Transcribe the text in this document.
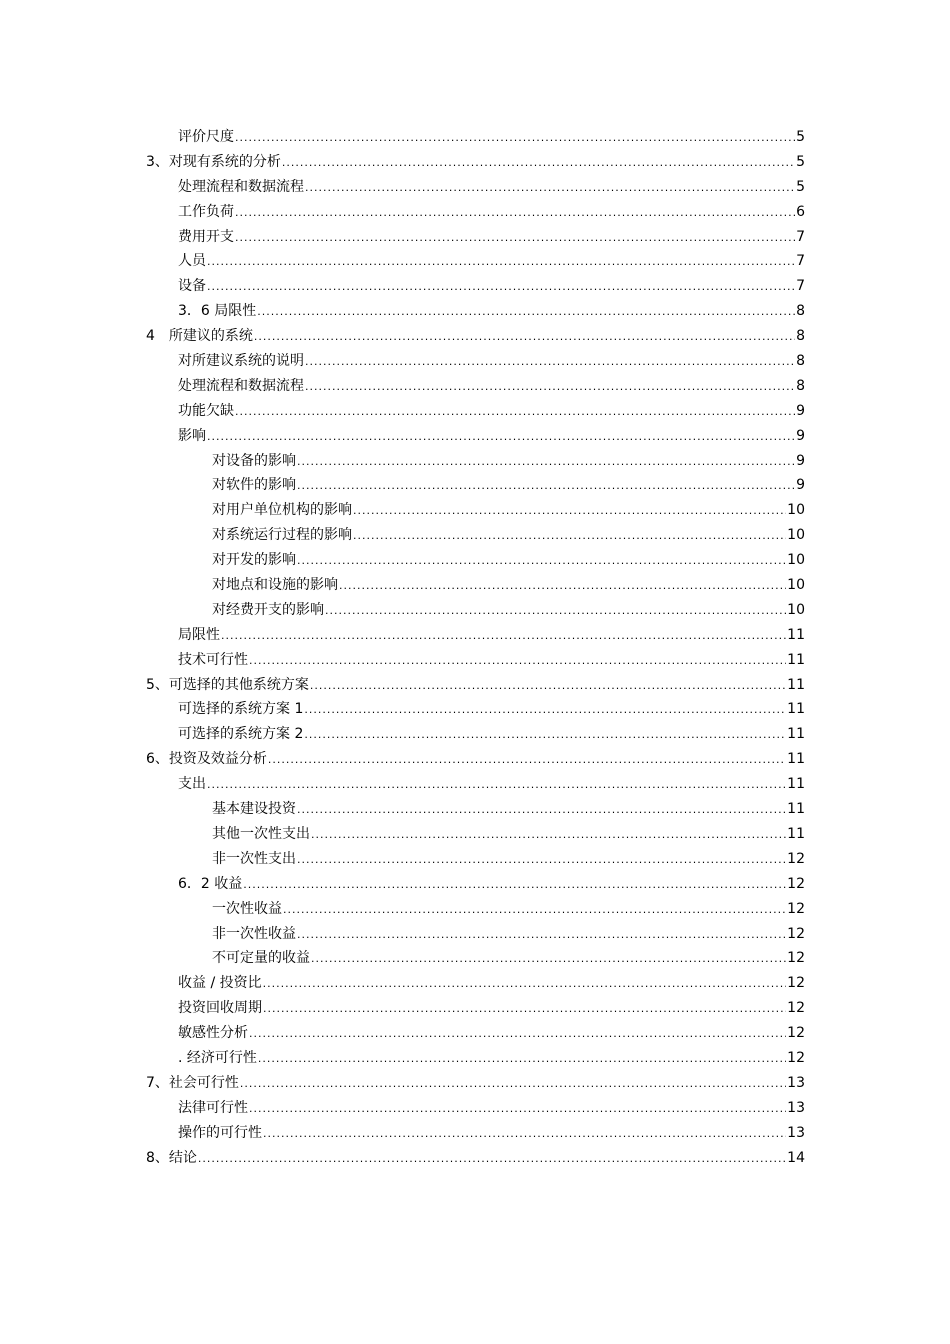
评价尺度 .....	5
3、对现有系统的分析 .....	5
处理流程和数据流程 .....	5
工作负荷 .....	6
费用开支 .....	7
人员 .....	7
设备 .....	7
3．6 局限性 .....	8
4　所建议的系统 .....	8
对所建议系统的说明 .....	8
处理流程和数据流程 .....	8
功能欠缺 .....	9
影响 .....	9
对设备的影响 .....	9
对软件的影响 .....	9
对用户单位机构的影响 .....	10
对系统运行过程的影响 .....	10
对开发的影响 .....	10
对地点和设施的影响 .....	10
对经费开支的影响 .....	10
局限性 .....	11
技术可行性 .....	11
5、可选择的其他系统方案 .....	11
可选择的系统方案 1 .....	11
可选择的系统方案 2 .....	11
6、投资及效益分析 .....	11
支出 .....	11
基本建设投资 .....	11
其他一次性支出 .....	11
非一次性支出 .....	12
6．2 收益 .....	12
一次性收益 .....	12
非一次性收益 .....	12
不可定量的收益 .....	12
收益 / 投资比 .....	12
投资回收周期 .....	12
敏感性分析 .....	12
. 经济可行性 .....	12
7、社会可行性 .....	13
法律可行性 .....	13
操作的可行性 .....	13
8、结论 .....	14
